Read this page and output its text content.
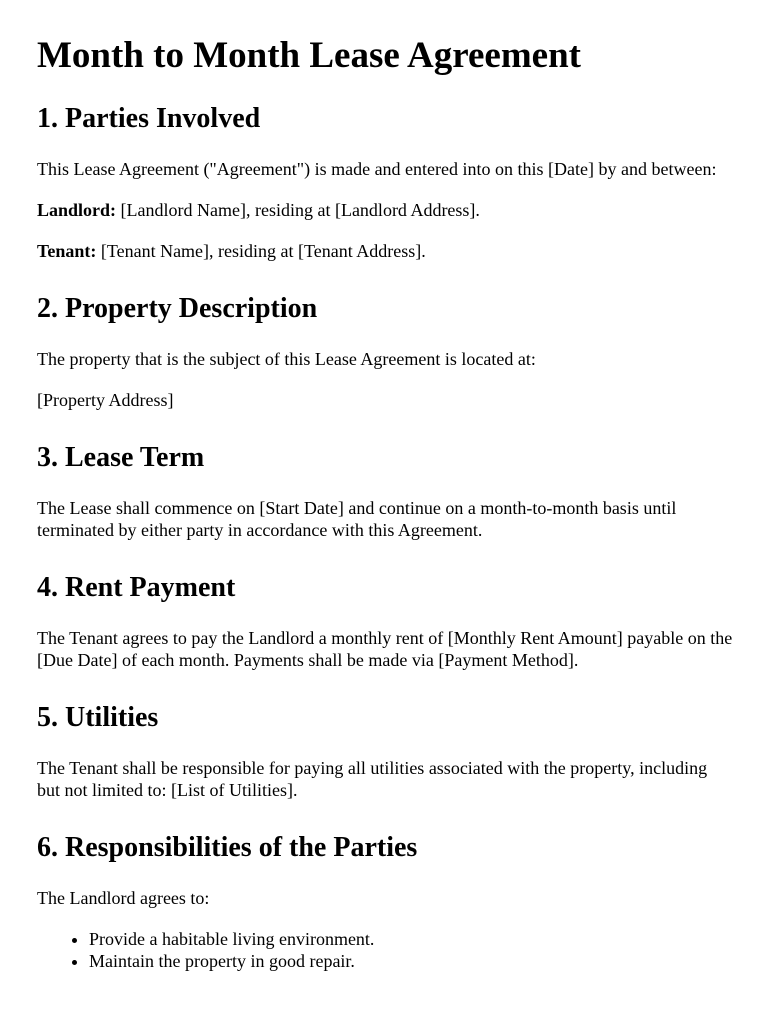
Month to Month Lease Agreement
1. Parties Involved

This Lease Agreement ("Agreement") is made and entered into on this [Date] by and between:

Landlord: [Landlord Name], residing at [Landlord Address].

Tenant: [Tenant Name], residing at [Tenant Address].

2. Property Description

The property that is the subject of this Lease Agreement is located at:

[Property Address]

3. Lease Term

The Lease shall commence on [Start Date] and continue on a month-to-month basis until terminated by either party in accordance with this Agreement.

4. Rent Payment

The Tenant agrees to pay the Landlord a monthly rent of [Monthly Rent Amount] payable on the [Due Date] of each month. Payments shall be made via [Payment Method].

5. Utilities

The Tenant shall be responsible for paying all utilities associated with the property, including but not limited to: [List of Utilities].

6. Responsibilities of the Parties

The Landlord agrees to:

• Provide a habitable living environment.
• Maintain the property in good repair.
